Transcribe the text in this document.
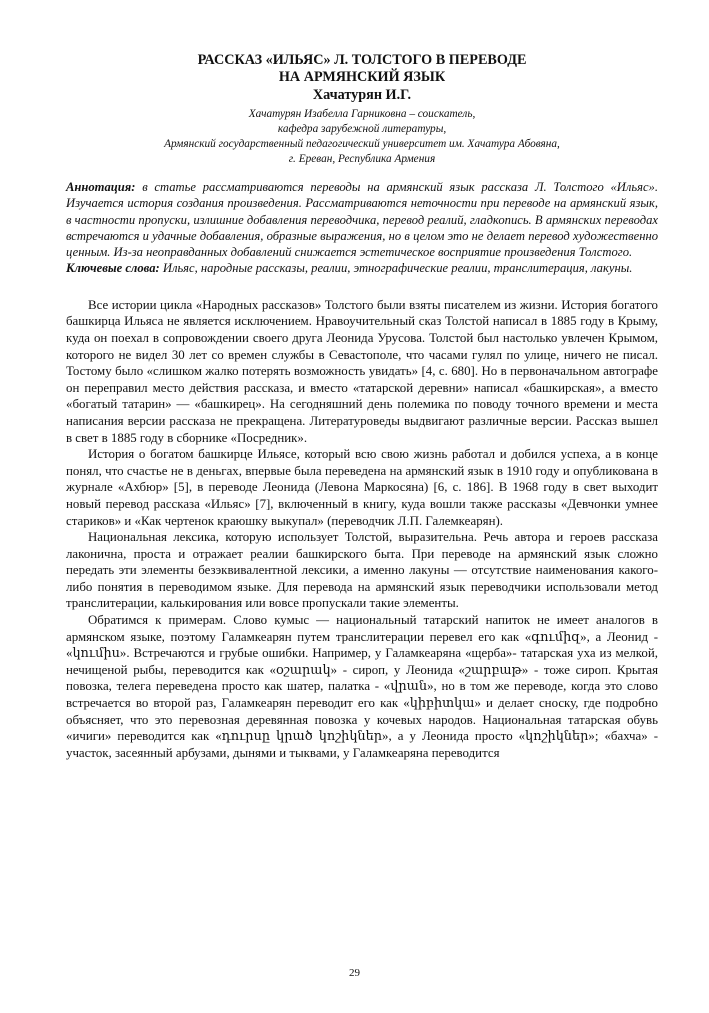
РАССКАЗ «ИЛЬЯС» Л. ТОЛСТОГО В ПЕРЕВОДЕ

НА АРМЯНСКИЙ ЯЗЫК

Хачатурян И.Г.

Хачатурян Изабелла Гарниковна – соискатель,

кафедра зарубежной литературы,

Армянский государственный педагогический университет им. Хачатура Абовяна,

г. Ереван, Республика Армения

Аннотация: в статье рассматриваются переводы на армянский язык рассказа Л. Толстого «Ильяс». Изучается история создания произведения. Рассматриваются неточности при переводе на армянский язык, в частности пропуски, излишние добавления переводчика, перевод реалий, гладкопись. В армянских переводах встречаются и удачные добавления, образные выражения, но в целом это не делает перевод художественно ценным. Из-за неоправданных добавлений снижается эстетическое восприятие произведения Толстого.

Ключевые слова: Ильяс, народные рассказы, реалии, этнографические реалии, транслитерация, лакуны.

Все истории цикла «Народных рассказов» Толстого были взяты писателем из жизни. История богатого башкирца Ильяса не является исключением. Нравоучительный сказ Толстой написал в 1885 году в Крыму, куда он поехал в сопровождении своего друга Леонида Урусова. Толстой был настолько увлечен Крымом, которого не видел 30 лет со времен службы в Севастополе, что часами гулял по улице, ничего не писал. Тостому было «слишком жалко потерять возможность увидать» [4, с. 680]. Но в первоначальном автографе он переправил место действия рассказа, и вместо «татарской деревни» написал «башкирская», а вместо «богатый татарин» — «башкирец». На сегодняшний день полемика по поводу точного времени и места написания версии рассказа не прекращена. Литературоведы выдвигают различные версии. Рассказ вышел в свет в 1885 году в сборнике «Посредник».

История о богатом башкирце Ильясе, который всю свою жизнь работал и добился успеха, а в конце понял, что счастье не в деньгах, впервые была переведена на армянский язык в 1910 году и опубликована в журнале «Ахбюр» [5], в переводе Леонида (Левона Маркосяна) [6, с. 186]. В 1968 году в свет выходит новый перевод рассказа «Ильяс» [7], включенный в книгу, куда вошли также рассказы «Девчонки умнее стариков» и «Как чертенок краюшку выкупал» (переводчик Л.П. Галемкеарян).

Национальная лексика, которую использует Толстой, выразительна. Речь автора и героев рассказа лаконична, проста и отражает реалии башкирского быта. При переводе на армянский язык сложно передать эти элементы безэквивалентной лексики, а именно лакуны — отсутствие наименования какого-либо понятия в переводимом языке. Для перевода на армянский язык переводчики использовали метод транслитерации, калькирования или вовсе пропускали такие элементы.

Обратимся к примерам. Слово кумыс — национальный татарский напиток не имеет аналогов в армянском языке, поэтому Галамкеарян путем транслитерации перевел его как «գումիզ», а Леонид - «կումիս». Встречаются и грубые ошибки. Например, у Галамкеаряна «щерба»- татарская уха из мелкой, нечищеной рыбы, переводится как «օշարակ» - сироп, у Леонида «շարբաթ» - тоже сироп. Крытая повозка, телега переведена просто как шатер, палатка - «վրան», но в том же переводе, когда это слово встречается во второй раз, Галамкеарян переводит его как «կիբիտկա» и делает сноску, где подробно объясняет, что это перевозная деревянная повозка у кочевых народов. Национальная татарская обувь «ичиги» переводится как «դուրսը կրած կոշիկներ», а у Леонида просто «կոշիկներ»; «бахча» - участок, засеянный арбузами, дынями и тыквами, у Галамкеаряна переводится

29
